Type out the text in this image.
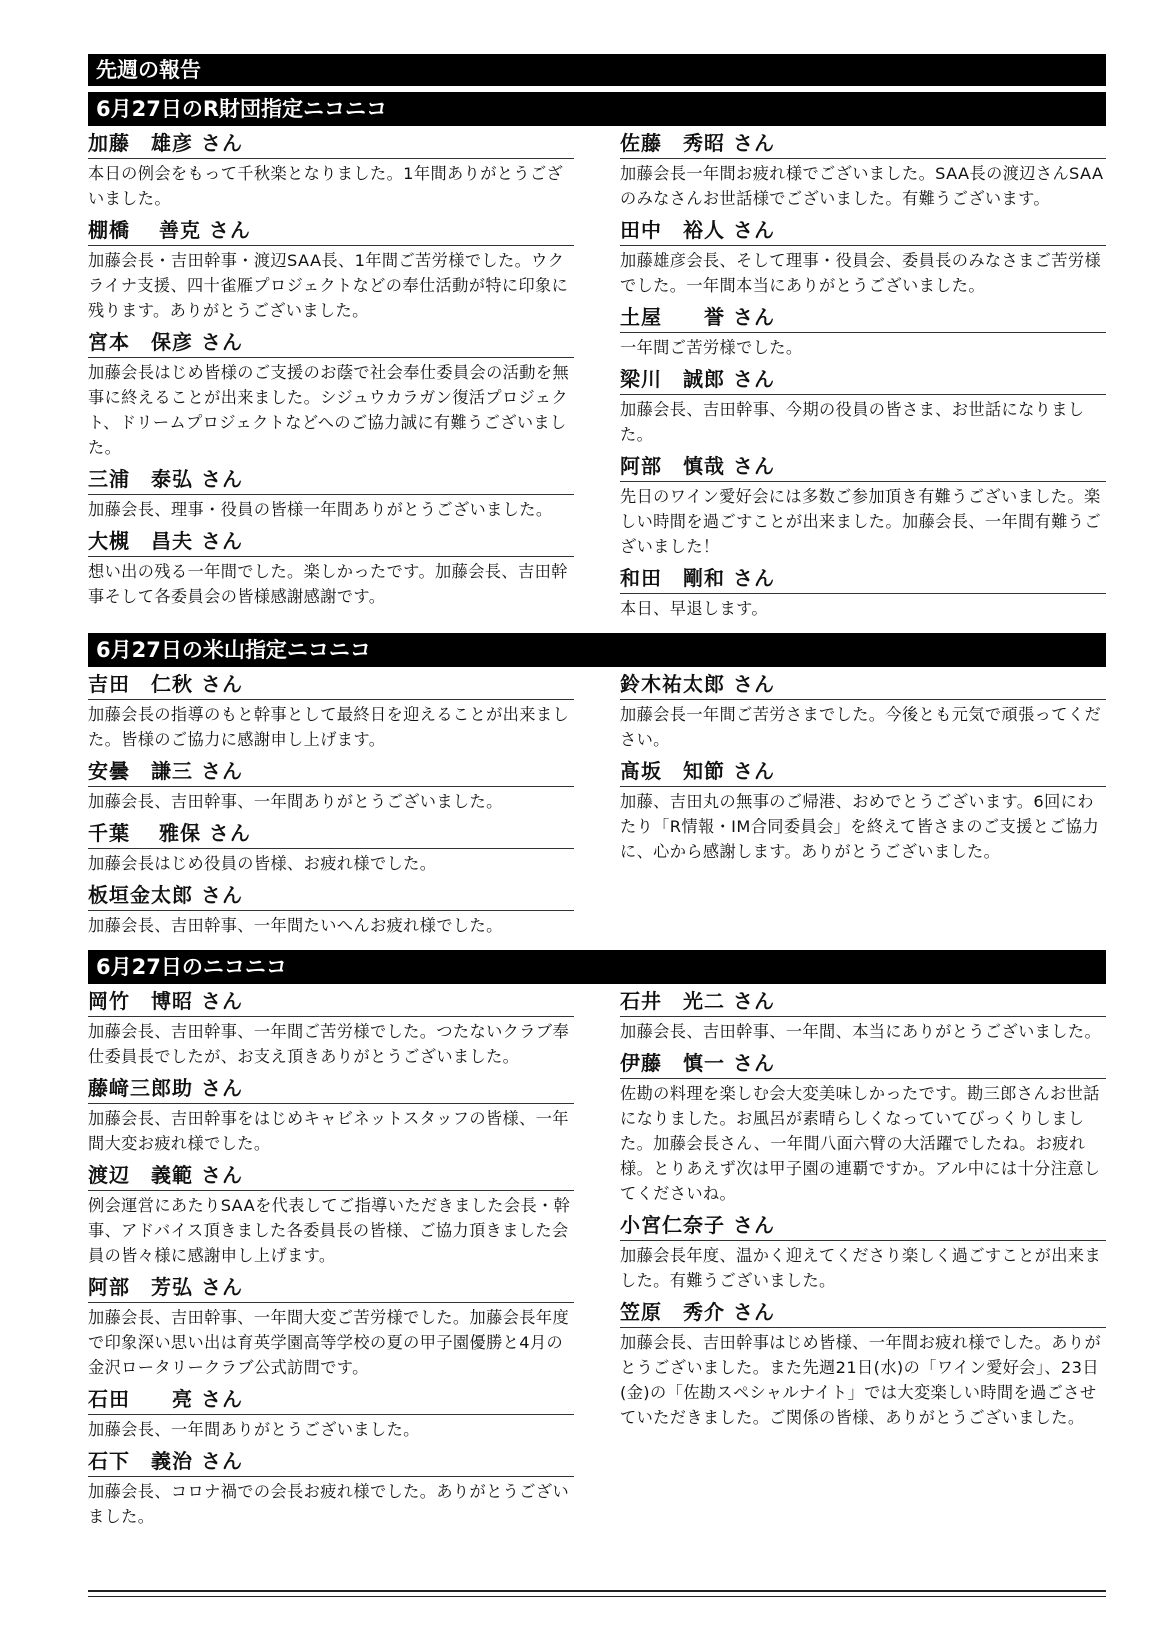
先週の報告
6月27日のR財団指定ニコニコ
加藤　雄彦 さん
本日の例会をもって千秋楽となりました。1年間ありがとうございました。
棚橋　 善克 さん
加藤会長・吉田幹事・渡辺SAA長、1年間ご苦労様でした。ウクライナ支援、四十雀雁プロジェクトなどの奉仕活動が特に印象に残ります。ありがとうございました。
宮本　保彦 さん
加藤会長はじめ皆様のご支援のお蔭で社会奉仕委員会の活動を無事に終えることが出来ました。シジュウカラガン復活プロジェクト、ドリームプロジェクトなどへのご協力誠に有難うございました。
三浦　泰弘 さん
加藤会長、理事・役員の皆様一年間ありがとうございました。
大槻　昌夫 さん
想い出の残る一年間でした。楽しかったです。加藤会長、吉田幹事そして各委員会の皆様感謝感謝です。
佐藤　秀昭 さん
加藤会長一年間お疲れ様でございました。SAA長の渡辺さんSAAのみなさんお世話様でございました。有難うございます。
田中　裕人 さん
加藤雄彦会長、そして理事・役員会、委員長のみなさまご苦労様でした。一年間本当にありがとうございました。
土屋　　誉 さん
一年間ご苦労様でした。
梁川　誠郎 さん
加藤会長、吉田幹事、今期の役員の皆さま、お世話になりました。
阿部　慎哉 さん
先日のワイン愛好会には多数ご参加頂き有難うございました。楽しい時間を過ごすことが出来ました。加藤会長、一年間有難うございました！
和田　剛和 さん
本日、早退します。
6月27日の米山指定ニコニコ
吉田　仁秋 さん
加藤会長の指導のもと幹事として最終日を迎えることが出来ました。皆様のご協力に感謝申し上げます。
安曇　謙三 さん
加藤会長、吉田幹事、一年間ありがとうございました。
千葉　 雅保 さん
加藤会長はじめ役員の皆様、お疲れ様でした。
板垣金太郎 さん
加藤会長、吉田幹事、一年間たいへんお疲れ様でした。
鈴木祐太郎 さん
加藤会長一年間ご苦労さまでした。今後とも元気で頑張ってください。
髙坂　知節 さん
加藤、吉田丸の無事のご帰港、おめでとうございます。6回にわたり「R情報・IM合同委員会」を終えて皆さまのご支援とご協力に、心から感謝します。ありがとうございました。
6月27日のニコニコ
岡竹　博昭 さん
加藤会長、吉田幹事、一年間ご苦労様でした。つたないクラブ奉仕委員長でしたが、お支え頂きありがとうございました。
藤﨑三郎助 さん
加藤会長、吉田幹事をはじめキャビネットスタッフの皆様、一年間大変お疲れ様でした。
渡辺　義範 さん
例会運営にあたりSAAを代表してご指導いただきました会長・幹事、アドバイス頂きました各委員長の皆様、ご協力頂きました会員の皆々様に感謝申し上げます。
阿部　芳弘 さん
加藤会長、吉田幹事、一年間大変ご苦労様でした。加藤会長年度で印象深い思い出は育英学園高等学校の夏の甲子園優勝と4月の金沢ロータリークラブ公式訪問です。
石田　　亮 さん
加藤会長、一年間ありがとうございました。
石下　義治 さん
加藤会長、コロナ禍での会長お疲れ様でした。ありがとうございました。
石井　光二 さん
加藤会長、吉田幹事、一年間、本当にありがとうございました。
伊藤　慎一 さん
佐勘の料理を楽しむ会大変美味しかったです。勘三郎さんお世話になりました。お風呂が素晴らしくなっていてびっくりしました。加藤会長さん、一年間八面六臂の大活躍でしたね。お疲れ様。とりあえず次は甲子園の連覇ですか。アル中には十分注意してくださいね。
小宮仁奈子 さん
加藤会長年度、温かく迎えてくださり楽しく過ごすことが出来ました。有難うございました。
笠原　秀介 さん
加藤会長、吉田幹事はじめ皆様、一年間お疲れ様でした。ありがとうございました。また先週21日(水)の「ワイン愛好会」、23日(金)の「佐勘スペシャルナイト」では大変楽しい時間を過ごさせていただきました。ご関係の皆様、ありがとうございました。
